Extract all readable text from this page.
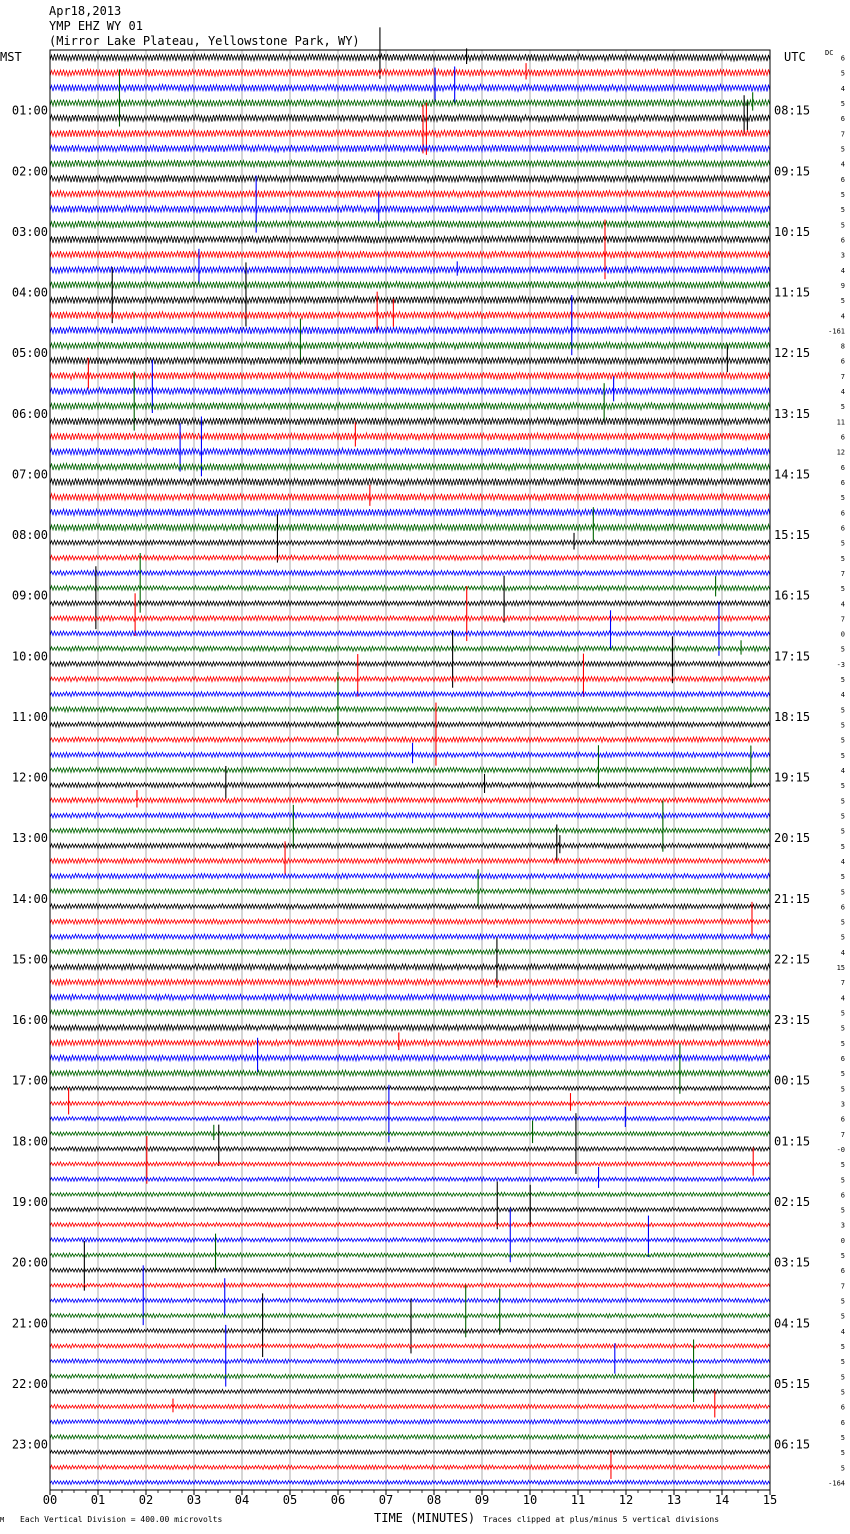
00	01	02	03	04	05	06	07	08	09	10	11	12	13	14	15
01:00
02:00
03:00
04:00
05:00
06:00
07:00
08:00
09:00
10:00
11:00
12:00
13:00
14:00
15:00
16:00
17:00
18:00
19:00
20:00
21:00
22:00
23:00
08:15
09:15
10:15
11:15
12:15
13:15
14:15
15:15
16:15
17:15
18:15
19:15
20:15
21:15
22:15
23:15
00:15
01:15
02:15
03:15
04:15
05:15
06:15
6
5
4
5
6
7
5
4
6
5
5
5
6
3
4
9
5
4
-161
8
6
7
4
5
11
6
12
6
6
5
6
6
5
5
7
5
4
7
0
5
-3
5
4
5
5
5
5
4
5
5
5
5
5
4
5
5
6
5
5
4
15
7
4
5
5
5
6
5
5
3
6
7
-0
5
5
6
5
3
0
5
6
7
5
5
4
5
5
5
5
6
6
5
5
5
-164
Apr18,2013
YMP EHZ WY 01
(Mirror Lake Plateau, Yellowstone Park, WY)
MST	UTC	DC
M Each Vertical Division = 400.00 microvolts	TIME (MINUTES) Traces clipped at plus/minus 5 vertical divisions
